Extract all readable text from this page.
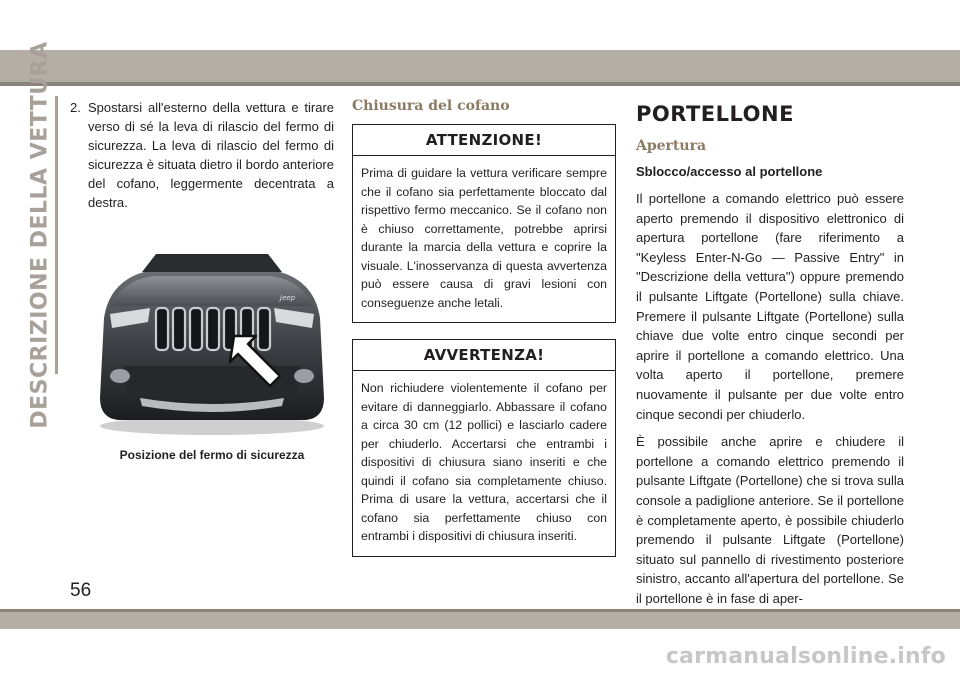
DESCRIZIONE DELLA VETTURA 2. Spostarsi all'esterno della vettura e tirare verso di sé la leva di rilascio del fermo di sicurezza. La leva di rilascio del fermo di sicurezza è situata dietro il bordo anteriore del cofano, leggermente decentrata a destra.
Jeep
Posizione del fermo di sicurezza
Chiusura del cofano
ATTENZIONE!
Prima di guidare la vettura verificare sempre che il cofano sia perfettamente bloccato dal rispettivo fermo meccanico. Se il cofano non è chiuso correttamente, potrebbe aprirsi durante la marcia della vettura e coprire la visuale. L'inosservanza di questa avvertenza può essere causa di gravi lesioni con conseguenze anche letali.
AVVERTENZA!
Non richiudere violentemente il cofano per evitare di danneggiarlo. Abbassare il cofano a circa 30 cm (12 pollici) e lasciarlo cadere per chiuderlo. Accertarsi che entrambi i dispositivi di chiusura siano inseriti e che quindi il cofano sia completamente chiuso. Prima di usare la vettura, accertarsi che il cofano sia perfettamente chiuso con entrambi i dispositivi di chiusura inseriti.
PORTELLONE
Apertura
Sblocco/accesso al portellone

Il portellone a comando elettrico può essere aperto premendo il dispositivo elettronico di apertura portellone (fare riferimento a "Keyless Enter-N-Go — Passive Entry" in "Descrizione della vettura") oppure premendo il pulsante Liftgate (Portellone) sulla chiave. Premere il pulsante Liftgate (Portellone) sulla chiave due volte entro cinque secondi per aprire il portellone a comando elettrico. Una volta aperto il portellone, premere nuovamente il pulsante per due volte entro cinque secondi per chiuderlo.

È possibile anche aprire e chiudere il portellone a comando elettrico premendo il pulsante Liftgate (Portellone) che si trova sulla console a padiglione anteriore. Se il portellone è completamente aperto, è possibile chiuderlo premendo il pulsante Liftgate (Portellone) situato sul pannello di rivestimento posteriore sinistro, accanto all'apertura del portellone. Se il portellone è in fase di aper-

56
carmanualsonline.info
